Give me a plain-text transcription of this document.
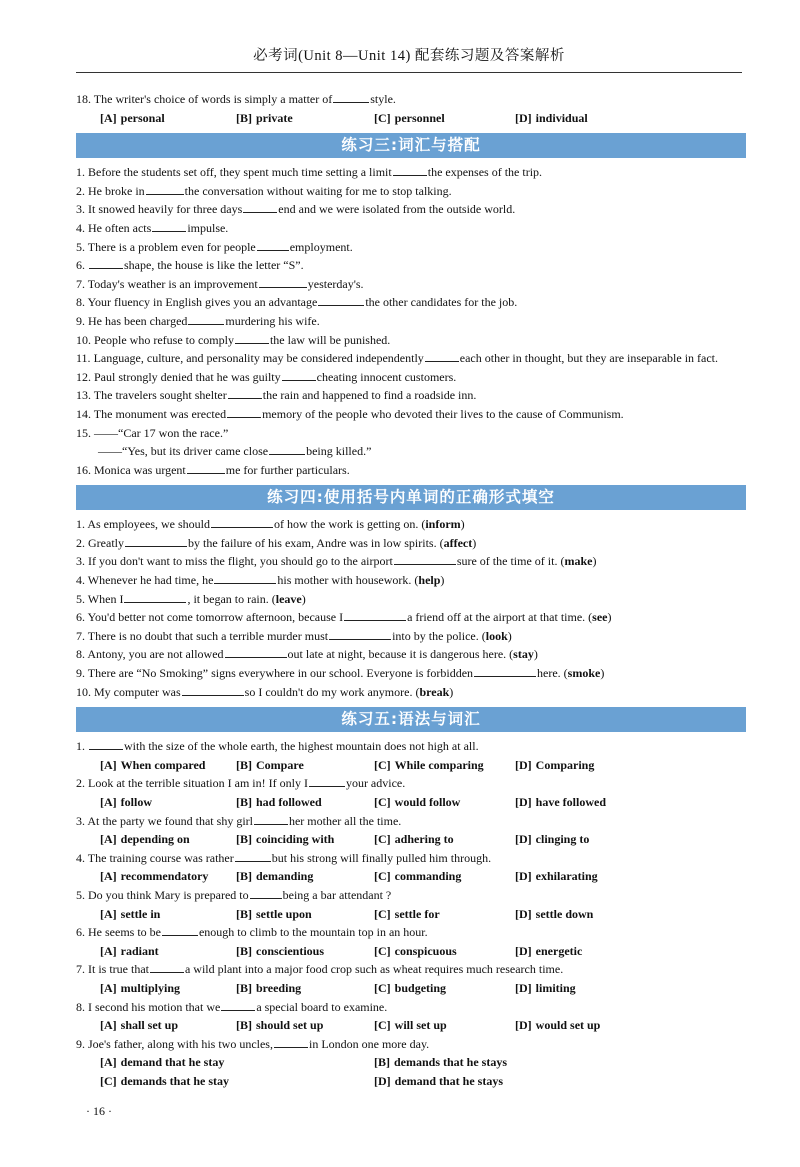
必考词(Unit 8—Unit 14) 配套练习题及答案解析
18. The writer's choice of words is simply a matter of	style.
[A] personal	[B] private	[C] personnel	[D] individual
练习三:词汇与搭配
1. Before the students set off, they spent much time setting a limit	the expenses of the trip.
2. He broke in	the conversation without waiting for me to stop talking.
3. It snowed heavily for three days	end and we were isolated from the outside world.
4. He often acts	impulse.
5. There is a problem even for people	employment.
6.	shape, the house is like the letter “S”.
7. Today's weather is an improvement	yesterday's.
8. Your fluency in English gives you an advantage	the other candidates for the job.
9. He has been charged	murdering his wife.
10. People who refuse to comply	the law will be punished.
11. Language, culture, and personality may be considered independently	each other in thought, but they are inseparable in fact.
12. Paul strongly denied that he was guilty	cheating innocent customers.
13. The travelers sought shelter	the rain and happened to find a roadside inn.
14. The monument was erected	memory of the people who devoted their lives to the cause of Communism.
15. ——“Car 17 won the race.”
——“Yes, but its driver came close	being killed.”
16. Monica was urgent	me for further particulars.
练习四:使用括号内单词的正确形式填空
1. As employees, we should	of how the work is getting on. (inform)
2. Greatly	by the failure of his exam, Andre was in low spirits. (affect)
3. If you don't want to miss the flight, you should go to the airport	sure of the time of it. (make)
4. Whenever he had time, he	his mother with housework. (help)
5. When I	, it began to rain. (leave)
6. You'd better not come tomorrow afternoon, because I	a friend off at the airport at that time. (see)
7. There is no doubt that such a terrible murder must	into by the police. (look)
8. Antony, you are not allowed	out late at night, because it is dangerous here. (stay)
9. There are “No Smoking” signs everywhere in our school. Everyone is forbidden	here. (smoke)
10. My computer was	so I couldn't do my work anymore. (break)
练习五:语法与词汇
1.	with the size of the whole earth, the highest mountain does not high at all.
[A] When compared	[B] Compare	[C] While comparing	[D] Comparing
2. Look at the terrible situation I am in! If only I	your advice.
[A] follow	[B] had followed	[C] would follow	[D] have followed
3. At the party we found that shy girl	her mother all the time.
[A] depending on	[B] coinciding with	[C] adhering to	[D] clinging to
4. The training course was rather	but his strong will finally pulled him through.
[A] recommendatory	[B] demanding	[C] commanding	[D] exhilarating
5. Do you think Mary is prepared to	being a bar attendant ?
[A] settle in	[B] settle upon	[C] settle for	[D] settle down
6. He seems to be	enough to climb to the mountain top in an hour.
[A] radiant	[B] conscientious	[C] conspicuous	[D] energetic
7. It is true that	a wild plant into a major food crop such as wheat requires much research time.
[A] multiplying	[B] breeding	[C] budgeting	[D] limiting
8. I second his motion that we	a special board to examine.
[A] shall set up	[B] should set up	[C] will set up	[D] would set up
9. Joe's father, along with his two uncles,	in London one more day.
[A] demand that he stay	[B] demands that he stays
[C] demands that he stay	[D] demand that he stays
· 16 ·
